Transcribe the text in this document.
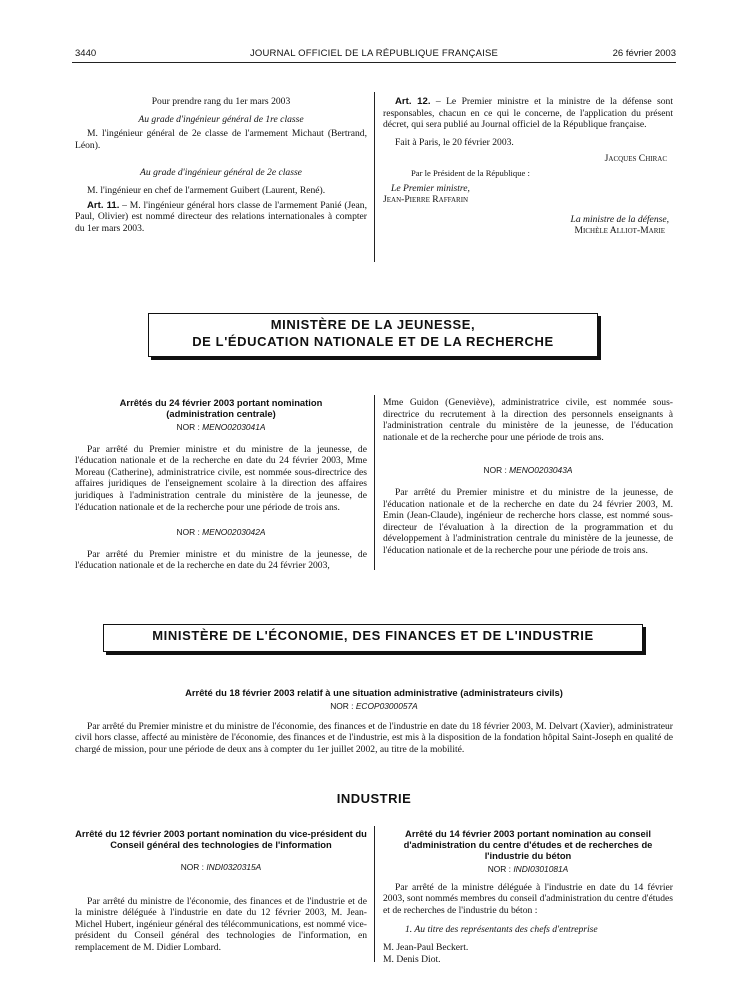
3440	JOURNAL OFFICIEL DE LA RÉPUBLIQUE FRANÇAISE	26 février 2003

Pour prendre rang du 1er mars 2003

Au grade d'ingénieur général de 1re classe

M. l'ingénieur général de 2e classe de l'armement Michaut (Bertrand, Léon).

Au grade d'ingénieur général de 2e classe

M. l'ingénieur en chef de l'armement Guibert (Laurent, René).

Art. 11. – M. l'ingénieur général hors classe de l'armement Panié (Jean, Paul, Olivier) est nommé directeur des relations internationales à compter du 1er mars 2003.

Art. 12. – Le Premier ministre et la ministre de la défense sont responsables, chacun en ce qui le concerne, de l'application du présent décret, qui sera publié au Journal officiel de la République française.

Fait à Paris, le 20 février 2003.

Jacques Chirac

Par le Président de la République :

Le Premier ministre,

Jean-Pierre Raffarin

La ministre de la défense,

Michèle Alliot-Marie

MINISTÈRE DE LA JEUNESSE,
DE L'ÉDUCATION NATIONALE ET DE LA RECHERCHE

Arrêtés du 24 février 2003 portant nomination (administration centrale)

NOR : MENO0203041A

Par arrêté du Premier ministre et du ministre de la jeunesse, de l'éducation nationale et de la recherche en date du 24 février 2003, Mme Moreau (Catherine), administratrice civile, est nommée sous-directrice des affaires juridiques de l'enseignement scolaire à la direction des affaires juridiques à l'administration centrale du ministère de la jeunesse, de l'éducation nationale et de la recherche pour une période de trois ans.

NOR : MENO0203042A

Par arrêté du Premier ministre et du ministre de la jeunesse, de l'éducation nationale et de la recherche en date du 24 février 2003,

Mme Guidon (Geneviève), administratrice civile, est nommée sous-directrice du recrutement à la direction des personnels enseignants à l'administration centrale du ministère de la jeunesse, de l'éducation nationale et de la recherche pour une période de trois ans.

NOR : MENO0203043A

Par arrêté du Premier ministre et du ministre de la jeunesse, de l'éducation nationale et de la recherche en date du 24 février 2003, M. Emin (Jean-Claude), ingénieur de recherche hors classe, est nommé sous-directeur de l'évaluation à la direction de la programmation et du développement à l'administration centrale du ministère de la jeunesse, de l'éducation nationale et de la recherche pour une période de trois ans.

MINISTÈRE DE L'ÉCONOMIE, DES FINANCES ET DE L'INDUSTRIE

Arrêté du 18 février 2003 relatif à une situation administrative (administrateurs civils)

NOR : ECOP0300057A

Par arrêté du Premier ministre et du ministre de l'économie, des finances et de l'industrie en date du 18 février 2003, M. Delvart (Xavier), administrateur civil hors classe, affecté au ministère de l'économie, des finances et de l'industrie, est mis à la disposition de la fondation hôpital Saint-Joseph en qualité de chargé de mission, pour une période de deux ans à compter du 1er juillet 2002, au titre de la mobilité.

INDUSTRIE

Arrêté du 12 février 2003 portant nomination du vice-président du Conseil général des technologies de l'information

NOR : INDI0320315A

Par arrêté du ministre de l'économie, des finances et de l'industrie et de la ministre déléguée à l'industrie en date du 12 février 2003, M. Jean-Michel Hubert, ingénieur général des télécommunications, est nommé vice-président du Conseil général des technologies de l'information, en remplacement de M. Didier Lombard.

Arrêté du 14 février 2003 portant nomination au conseil d'administration du centre d'études et de recherches de l'industrie du béton

NOR : INDI0301081A

Par arrêté de la ministre déléguée à l'industrie en date du 14 février 2003, sont nommés membres du conseil d'administration du centre d'études et de recherches de l'industrie du béton :

1. Au titre des représentants des chefs d'entreprise

M. Jean-Paul Beckert.

M. Denis Diot.
